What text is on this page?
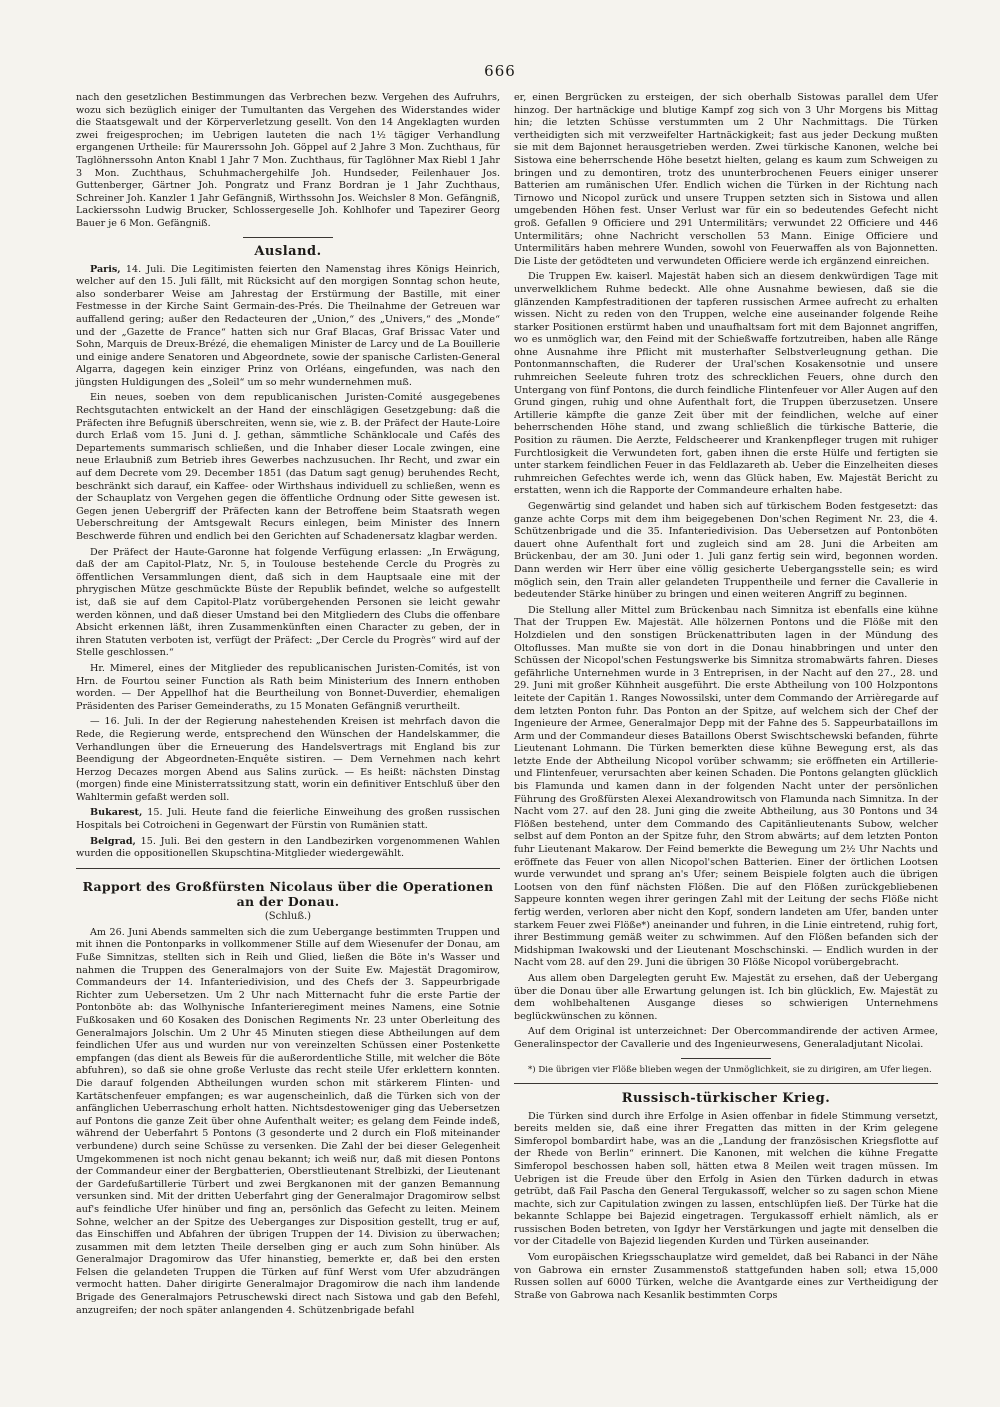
666

nach den gesetzlichen Bestimmungen das Verbrechen bezw. Vergehen des Aufruhrs, wozu sich bezüglich einiger der Tumultanten das Vergehen des Widerstandes wider die Staatsgewalt und der Körperverletzung gesellt. Von den 14 Angeklagten wurden zwei freigesprochen; im Uebrigen lauteten die nach 1½ tägiger Verhandlung ergangenen Urtheile: für Maurerssohn Joh. Göppel auf 2 Jahre 3 Mon. Zuchthaus, für Taglöhnerssohn Anton Knabl 1 Jahr 7 Mon. Zuchthaus, für Taglöhner Max Riebl 1 Jahr 3 Mon. Zuchthaus, Schuhmachergehilfe Joh. Hundseder, Feilenhauer Jos. Guttenberger, Gärtner Joh. Pongratz und Franz Bordran je 1 Jahr Zuchthaus, Schreiner Joh. Kanzler 1 Jahr Gefängniß, Wirthssohn Jos. Weichsler 8 Mon. Gefängniß, Lackierssohn Ludwig Brucker, Schlossergeselle Joh. Kohlhofer und Tapezirer Georg Bauer je 6 Mon. Gefängniß.

Ausland.

Paris, 14. Juli. Die Legitimisten feierten den Namenstag ihres Königs Heinrich, welcher auf den 15. Juli fällt, mit Rücksicht auf den morgigen Sonntag schon heute, also sonderbarer Weise am Jahrestag der Erstürmung der Bastille, mit einer Festmesse in der Kirche Saint Germain-des-Prés. Die Theilnahme der Getreuen war auffallend gering; außer den Redacteuren der „Union,“ des „Univers,“ des „Monde“ und der „Gazette de France“ hatten sich nur Graf Blacas, Graf Brissac Vater und Sohn, Marquis de Dreux-Brézé, die ehemaligen Minister de Larcy und de La Bouillerie und einige andere Senatoren und Abgeordnete, sowie der spanische Carlisten-General Algarra, dagegen kein einziger Prinz von Orléans, eingefunden, was nach den jüngsten Huldigungen des „Soleil“ um so mehr wundernehmen muß.

Ein neues, soeben von dem republicanischen Juristen-Comité ausgegebenes Rechtsgutachten entwickelt an der Hand der einschlägigen Gesetzgebung: daß die Präfecten ihre Befugniß überschreiten, wenn sie, wie z. B. der Präfect der Haute-Loire durch Erlaß vom 15. Juni d. J. gethan, sämmtliche Schänklocale und Cafés des Departements summarisch schließen, und die Inhaber dieser Locale zwingen, eine neue Erlaubniß zum Betrieb ihres Gewerbes nachzusuchen. Ihr Recht, und zwar ein auf dem Decrete vom 29. December 1851 (das Datum sagt genug) beruhendes Recht, beschränkt sich darauf, ein Kaffee- oder Wirthshaus individuell zu schließen, wenn es der Schauplatz von Vergehen gegen die öffentliche Ordnung oder Sitte gewesen ist. Gegen jenen Uebergriff der Präfecten kann der Betroffene beim Staatsrath wegen Ueberschreitung der Amtsgewalt Recurs einlegen, beim Minister des Innern Beschwerde führen und endlich bei den Gerichten auf Schadenersatz klagbar werden.

Der Präfect der Haute-Garonne hat folgende Verfügung erlassen: „In Erwägung, daß der am Capitol-Platz, Nr. 5, in Toulouse bestehende Cercle du Progrès zu öffentlichen Versammlungen dient, daß sich in dem Hauptsaale eine mit der phrygischen Mütze geschmückte Büste der Republik befindet, welche so aufgestellt ist, daß sie auf dem Capitol-Platz vorübergehenden Personen sie leicht gewahr werden können, und daß dieser Umstand bei den Mitgliedern des Clubs die offenbare Absicht erkennen läßt, ihren Zusammenkünften einen Character zu geben, der in ihren Statuten verboten ist, verfügt der Präfect: „Der Cercle du Progrès“ wird auf der Stelle geschlossen.“

Hr. Mimerel, eines der Mitglieder des republicanischen Juristen-Comités, ist von Hrn. de Fourtou seiner Function als Rath beim Ministerium des Innern enthoben worden. — Der Appellhof hat die Beurtheilung von Bonnet-Duverdier, ehemaligen Präsidenten des Pariser Gemeinderaths, zu 15 Monaten Gefängniß verurtheilt.

— 16. Juli. In der der Regierung nahestehenden Kreisen ist mehrfach davon die Rede, die Regierung werde, entsprechend den Wünschen der Handelskammer, die Verhandlungen über die Erneuerung des Handelsvertrags mit England bis zur Beendigung der Abgeordneten-Enquête sistiren. — Dem Vernehmen nach kehrt Herzog Decazes morgen Abend aus Salins zurück. — Es heißt: nächsten Dinstag (morgen) finde eine Ministerratssitzung statt, worin ein definitiver Entschluß über den Wahltermin gefaßt werden soll.

Bukarest, 15. Juli. Heute fand die feierliche Einweihung des großen russischen Hospitals bei Cotroicheni in Gegenwart der Fürstin von Rumänien statt.

Belgrad, 15. Juli. Bei den gestern in den Landbezirken vorgenommenen Wahlen wurden die oppositionellen Skupschtina-Mitglieder wiedergewählt.

Rapport des Großfürsten Nicolaus über die Operationen an der Donau.
(Schluß.)

Am 26. Juni Abends sammelten sich die zum Uebergange bestimmten Truppen und mit ihnen die Pontonparks in vollkommener Stille auf dem Wiesenufer der Donau, am Fuße Simnitzas, stellten sich in Reih und Glied, ließen die Böte in's Wasser und nahmen die Truppen des Generalmajors von der Suite Ew. Majestät Dragomirow, Commandeurs der 14. Infanteriedivision, und des Chefs der 3. Sappeurbrigade Richter zum Uebersetzen. Um 2 Uhr nach Mitternacht fuhr die erste Partie der Pontonböte ab: das Wolhynische Infanterieregiment meines Namens, eine Sotnie Fußkosaken und 60 Kosaken des Donischen Regiments Nr. 23 unter Oberleitung des Generalmajors Jolschin. Um 2 Uhr 45 Minuten stiegen diese Abtheilungen auf dem feindlichen Ufer aus und wurden nur von vereinzelten Schüssen einer Postenkette empfangen (das dient als Beweis für die außerordentliche Stille, mit welcher die Böte abfuhren), so daß sie ohne große Verluste das recht steile Ufer erklettern konnten. Die darauf folgenden Abtheilungen wurden schon mit stärkerem Flinten- und Kartätschenfeuer empfangen; es war augenscheinlich, daß die Türken sich von der anfänglichen Ueberraschung erholt hatten. Nichtsdestoweniger ging das Uebersetzen auf Pontons die ganze Zeit über ohne Aufenthalt weiter; es gelang dem Feinde indeß, während der Ueberfahrt 5 Pontons (3 gesonderte und 2 durch ein Floß miteinander verbundene) durch seine Schüsse zu versenken. Die Zahl der bei dieser Gelegenheit Umgekommenen ist noch nicht genau bekannt; ich weiß nur, daß mit diesen Pontons der Commandeur einer der Bergbatterien, Oberstlieutenant Strelbizki, der Lieutenant der Gardefußartillerie Türbert und zwei Bergkanonen mit der ganzen Bemannung versunken sind. Mit der dritten Ueberfahrt ging der Generalmajor Dragomirow selbst auf's feindliche Ufer hinüber und fing an, persönlich das Gefecht zu leiten. Meinem Sohne, welcher an der Spitze des Ueberganges zur Disposition gestellt, trug er auf, das Einschiffen und Abfahren der übrigen Truppen der 14. Division zu überwachen; zusammen mit dem letzten Theile derselben ging er auch zum Sohn hinüber. Als Generalmajor Dragomirow das Ufer hinanstieg, bemerkte er, daß bei den ersten Felsen die gelandeten Truppen die Türken auf fünf Werst vom Ufer abzudrängen vermocht hatten. Daher dirigirte Generalmajor Dragomirow die nach ihm landende Brigade des Generalmajors Petruschewski direct nach Sistowa und gab den Befehl, anzugreifen; der noch später anlangenden 4. Schützenbrigade befahl

er, einen Bergrücken zu ersteigen, der sich oberhalb Sistowas parallel dem Ufer hinzog. Der hartnäckige und blutige Kampf zog sich von 3 Uhr Morgens bis Mittag hin; die letzten Schüsse verstummten um 2 Uhr Nachmittags. Die Türken vertheidigten sich mit verzweifelter Hartnäckigkeit; fast aus jeder Deckung mußten sie mit dem Bajonnet herausgetrieben werden. Zwei türkische Kanonen, welche bei Sistowa eine beherrschende Höhe besetzt hielten, gelang es kaum zum Schweigen zu bringen und zu demontiren, trotz des ununterbrochenen Feuers einiger unserer Batterien am rumänischen Ufer. Endlich wichen die Türken in der Richtung nach Tirnowo und Nicopol zurück und unsere Truppen setzten sich in Sistowa und allen umgebenden Höhen fest. Unser Verlust war für ein so bedeutendes Gefecht nicht groß. Gefallen 9 Officiere und 291 Untermilitärs; verwundet 22 Officiere und 446 Untermilitärs; ohne Nachricht verschollen 53 Mann. Einige Officiere und Untermilitärs haben mehrere Wunden, sowohl von Feuerwaffen als von Bajonnetten. Die Liste der getödteten und verwundeten Officiere werde ich ergänzend einreichen.

Die Truppen Ew. kaiserl. Majestät haben sich an diesem denkwürdigen Tage mit unverwelklichem Ruhme bedeckt. Alle ohne Ausnahme bewiesen, daß sie die glänzenden Kampfestraditionen der tapferen russischen Armee aufrecht zu erhalten wissen. Nicht zu reden von den Truppen, welche eine auseinander folgende Reihe starker Positionen erstürmt haben und unaufhaltsam fort mit dem Bajonnet angriffen, wo es unmöglich war, den Feind mit der Schießwaffe fortzutreiben, haben alle Ränge ohne Ausnahme ihre Pflicht mit musterhafter Selbstverleugnung gethan. Die Pontonmannschaften, die Ruderer der Ural'schen Kosakensotnie und unsere ruhmreichen Seeleute fuhren trotz des schrecklichen Feuers, ohne durch den Untergang von fünf Pontons, die durch feindliche Flintenfeuer vor Aller Augen auf den Grund gingen, ruhig und ohne Aufenthalt fort, die Truppen überzusetzen. Unsere Artillerie kämpfte die ganze Zeit über mit der feindlichen, welche auf einer beherrschenden Höhe stand, und zwang schließlich die türkische Batterie, die Position zu räumen. Die Aerzte, Feldscheerer und Krankenpfleger trugen mit ruhiger Furchtlosigkeit die Verwundeten fort, gaben ihnen die erste Hülfe und fertigten sie unter starkem feindlichen Feuer in das Feldlazareth ab. Ueber die Einzelheiten dieses ruhmreichen Gefechtes werde ich, wenn das Glück haben, Ew. Majestät Bericht zu erstatten, wenn ich die Rapporte der Commandeure erhalten habe.

Gegenwärtig sind gelandet und haben sich auf türkischem Boden festgesetzt: das ganze achte Corps mit dem ihm beigegebenen Don'schen Regiment Nr. 23, die 4. Schützenbrigade und die 35. Infanteriedivision. Das Uebersetzen auf Pontonböten dauert ohne Aufenthalt fort und zugleich sind am 28. Juni die Arbeiten am Brückenbau, der am 30. Juni oder 1. Juli ganz fertig sein wird, begonnen worden. Dann werden wir Herr über eine völlig gesicherte Uebergangsstelle sein; es wird möglich sein, den Train aller gelandeten Truppentheile und ferner die Cavallerie in bedeutender Stärke hinüber zu bringen und einen weiteren Angriff zu beginnen.

Die Stellung aller Mittel zum Brückenbau nach Simnitza ist ebenfalls eine kühne That der Truppen Ew. Majestät. Alle hölzernen Pontons und die Flöße mit den Holzdielen und den sonstigen Brückenattributen lagen in der Mündung des Oltoflusses. Man mußte sie von dort in die Donau hinabbringen und unter den Schüssen der Nicopol'schen Festungswerke bis Simnitza stromabwärts fahren. Dieses gefährliche Unternehmen wurde in 3 Entreprisen, in der Nacht auf den 27., 28. und 29. Juni mit großer Kühnheit ausgeführt. Die erste Abtheilung von 100 Holzpontons leitete der Capitän 1. Ranges Nowossilski, unter dem Commando der Arrièregarde auf dem letzten Ponton fuhr. Das Ponton an der Spitze, auf welchem sich der Chef der Ingenieure der Armee, Generalmajor Depp mit der Fahne des 5. Sappeurbataillons im Arm und der Commandeur dieses Bataillons Oberst Swischtschewski befanden, führte Lieutenant Lohmann. Die Türken bemerkten diese kühne Bewegung erst, als das letzte Ende der Abtheilung Nicopol vorüber schwamm; sie eröffneten ein Artillerie- und Flintenfeuer, verursachten aber keinen Schaden. Die Pontons gelangten glücklich bis Flamunda und kamen dann in der folgenden Nacht unter der persönlichen Führung des Großfürsten Alexei Alexandrowitsch von Flamunda nach Simnitza. In der Nacht vom 27. auf den 28. Juni ging die zweite Abtheilung, aus 30 Pontons und 34 Flößen bestehend, unter dem Commando des Capitänlieutenants Subow, welcher selbst auf dem Ponton an der Spitze fuhr, den Strom abwärts; auf dem letzten Ponton fuhr Lieutenant Makarow. Der Feind bemerkte die Bewegung um 2½ Uhr Nachts und eröffnete das Feuer von allen Nicopol'schen Batterien. Einer der örtlichen Lootsen wurde verwundet und sprang an's Ufer; seinem Beispiele folgten auch die übrigen Lootsen von den fünf nächsten Flößen. Die auf den Flößen zurückgebliebenen Sappeure konnten wegen ihrer geringen Zahl mit der Leitung der sechs Flöße nicht fertig werden, verloren aber nicht den Kopf, sondern landeten am Ufer, banden unter starkem Feuer zwei Flöße*) aneinander und fuhren, in die Linie eintretend, ruhig fort, ihrer Bestimmung gemäß weiter zu schwimmen. Auf den Flößen befanden sich der Midshipman Iwakowski und der Lieutenant Moschschinski. — Endlich wurden in der Nacht vom 28. auf den 29. Juni die übrigen 30 Flöße Nicopol vorübergebracht.

Aus allem oben Dargelegten geruht Ew. Majestät zu ersehen, daß der Uebergang über die Donau über alle Erwartung gelungen ist. Ich bin glücklich, Ew. Majestät zu dem wohlbehaltenen Ausgange dieses so schwierigen Unternehmens beglückwünschen zu können.

Auf dem Original ist unterzeichnet: Der Obercommandirende der activen Armee, Generalinspector der Cavallerie und des Ingenieurwesens, Generaladjutant Nicolai.

*) Die übrigen vier Flöße blieben wegen der Unmöglichkeit, sie zu dirigiren, am Ufer liegen.
Russisch-türkischer Krieg.

Die Türken sind durch ihre Erfolge in Asien offenbar in fidele Stimmung versetzt, bereits melden sie, daß eine ihrer Fregatten das mitten in der Krim gelegene Simferopol bombardirt habe, was an die „Landung der französischen Kriegsflotte auf der Rhede von Berlin“ erinnert. Die Kanonen, mit welchen die kühne Fregatte Simferopol beschossen haben soll, hätten etwa 8 Meilen weit tragen müssen. Im Uebrigen ist die Freude über den Erfolg in Asien den Türken dadurch in etwas getrübt, daß Fail Pascha den General Tergukassoff, welcher so zu sagen schon Miene machte, sich zur Capitulation zwingen zu lassen, entschlüpfen ließ. Der Türke hat die bekannte Schlappe bei Bajezid eingetragen. Tergukassoff erhielt nämlich, als er russischen Boden betreten, von Igdyr her Verstärkungen und jagte mit denselben die vor der Citadelle von Bajezid liegenden Kurden und Türken auseinander.

Vom europäischen Kriegsschauplatze wird gemeldet, daß bei Rabanci in der Nähe von Gabrowa ein ernster Zusammenstoß stattgefunden haben soll; etwa 15,000 Russen sollen auf 6000 Türken, welche die Avantgarde eines zur Vertheidigung der Straße von Gabrowa nach Kesanlik bestimmten Corps
